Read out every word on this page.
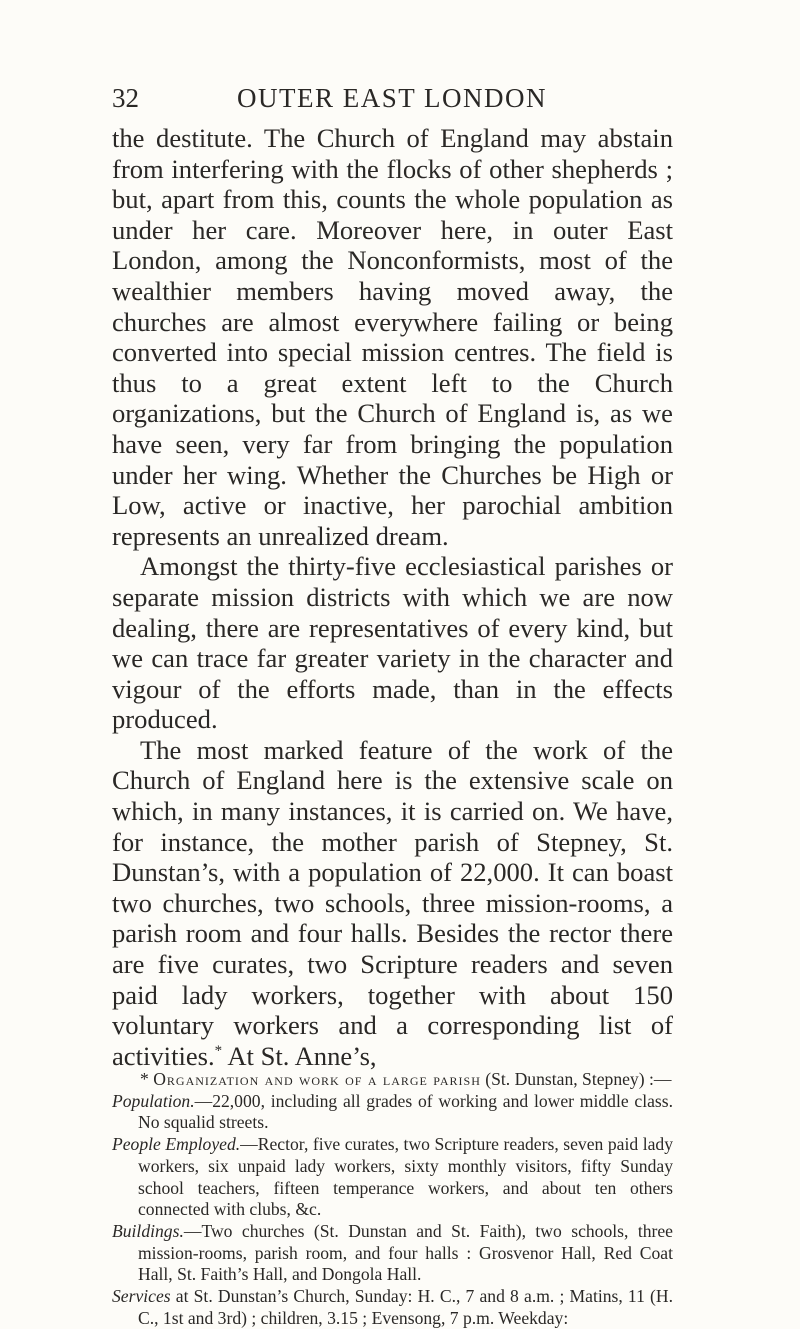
32	OUTER EAST LONDON

the destitute. The Church of England may abstain from interfering with the flocks of other shepherds ; but, apart from this, counts the whole population as under her care. Moreover here, in outer East London, among the Nonconformists, most of the wealthier members having moved away, the churches are almost everywhere failing or being converted into special mission centres. The field is thus to a great extent left to the Church organizations, but the Church of England is, as we have seen, very far from bringing the population under her wing. Whether the Churches be High or Low, active or inactive, her parochial ambition represents an unrealized dream.

Amongst the thirty-five ecclesiastical parishes or separate mission districts with which we are now dealing, there are representatives of every kind, but we can trace far greater variety in the character and vigour of the efforts made, than in the effects produced.

The most marked feature of the work of the Church of England here is the extensive scale on which, in many instances, it is carried on. We have, for instance, the mother parish of Stepney, St. Dunstan’s, with a population of 22,000. It can boast two churches, two schools, three mission-rooms, a parish room and four halls. Besides the rector there are five curates, two Scripture readers and seven paid lady workers, together with about 150 voluntary workers and a corresponding list of activities.* At St. Anne’s,

* Organization and work of a large parish (St. Dunstan, Stepney) :—

Population.—22,000, including all grades of working and lower middle class. No squalid streets.

People Employed.—Rector, five curates, two Scripture readers, seven paid lady workers, six unpaid lady workers, sixty monthly visitors, fifty Sunday school teachers, fifteen temperance workers, and about ten others connected with clubs, &c.

Buildings.—Two churches (St. Dunstan and St. Faith), two schools, three mission-rooms, parish room, and four halls : Grosvenor Hall, Red Coat Hall, St. Faith’s Hall, and Dongola Hall.

Services at St. Dunstan’s Church, Sunday: H. C., 7 and 8 a.m. ; Matins, 11 (H. C., 1st and 3rd) ; children, 3.15 ; Evensong, 7 p.m. Weekday:
